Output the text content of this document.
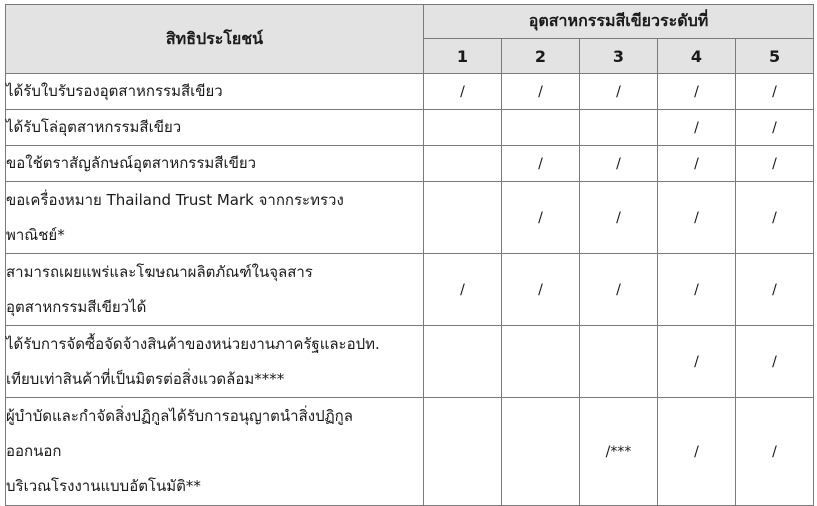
สิทธิประโยชน์	อุตสาหกรรมสีเขียวระดับที่				
	1	2	3	4	5

ได้รับใบรับรองอุตสาหกรรมสีเขียว	/	/	/	/	/

ได้รับโล่อุตสาหกรรมสีเขียว				/	/

ขอใช้ตราสัญลักษณ์อุตสาหกรรมสีเขียว		/	/	/	/

ขอเครื่องหมาย Thailand Trust Mark จากกระทรวง
พาณิชย์*		/	/	/	/

สามารถเผยแพร่และโฆษณาผลิตภัณฑ์ในจุลสาร
อุตสาหกรรมสีเขียวได้	/	/	/	/	/

ได้รับการจัดซื้อจัดจ้างสินค้าของหน่วยงานภาครัฐและอปท.
เทียบเท่าสินค้าที่เป็นมิตรต่อสิ่งแวดล้อม****				/	/

ผู้บำบัดและกำจัดสิ่งปฏิกูลได้รับการอนุญาตนำสิ่งปฏิกูล
ออกนอก
บริเวณโรงงานแบบอัตโนมัติ**			/***	/	/
